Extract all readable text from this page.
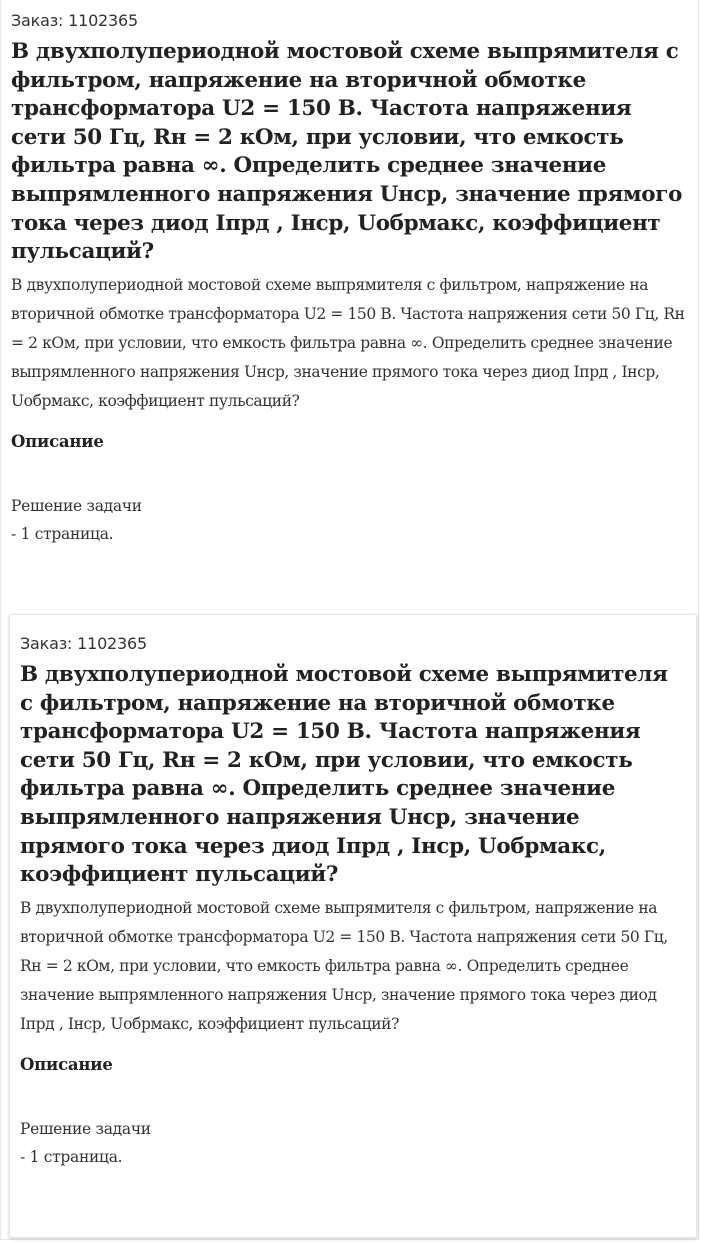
Заказ: 1102365
В двухполупериодной мостовой схеме выпрямителя с фильтром, напряжение на вторичной обмотке трансформатора U2 = 150 В. Частота напряжения сети 50 Гц, Rн = 2 кОм, при условии, что емкость фильтра равна ∞. Определить среднее значение выпрямленного напряжения Uнср, значение прямого тока через диод Iпрд , Iнср, Uобрмакс, коэффициент пульсаций?

В двухполупериодной мостовой схеме выпрямителя с фильтром, напряжение на вторичной обмотке трансформатора U2 = 150 В. Частота напряжения сети 50 Гц, Rн = 2 кОм, при условии, что емкость фильтра равна ∞. Определить среднее значение выпрямленного напряжения Uнср, значение прямого тока через диод Iпрд , Iнср, Uобрмакс, коэффициент пульсаций?

Описание
Решение задачи
- 1 страница.
Заказ: 1102365
В двухполупериодной мостовой схеме выпрямителя с фильтром, напряжение на вторичной обмотке трансформатора U2 = 150 В. Частота напряжения сети 50 Гц, Rн = 2 кОм, при условии, что емкость фильтра равна ∞. Определить среднее значение выпрямленного напряжения Uнср, значение прямого тока через диод Iпрд , Iнср, Uобрмакс, коэффициент пульсаций?

В двухполупериодной мостовой схеме выпрямителя с фильтром, напряжение на вторичной обмотке трансформатора U2 = 150 В. Частота напряжения сети 50 Гц, Rн = 2 кОм, при условии, что емкость фильтра равна ∞. Определить среднее значение выпрямленного напряжения Uнср, значение прямого тока через диод Iпрд , Iнср, Uобрмакс, коэффициент пульсаций?

Описание
Решение задачи
- 1 страница.
